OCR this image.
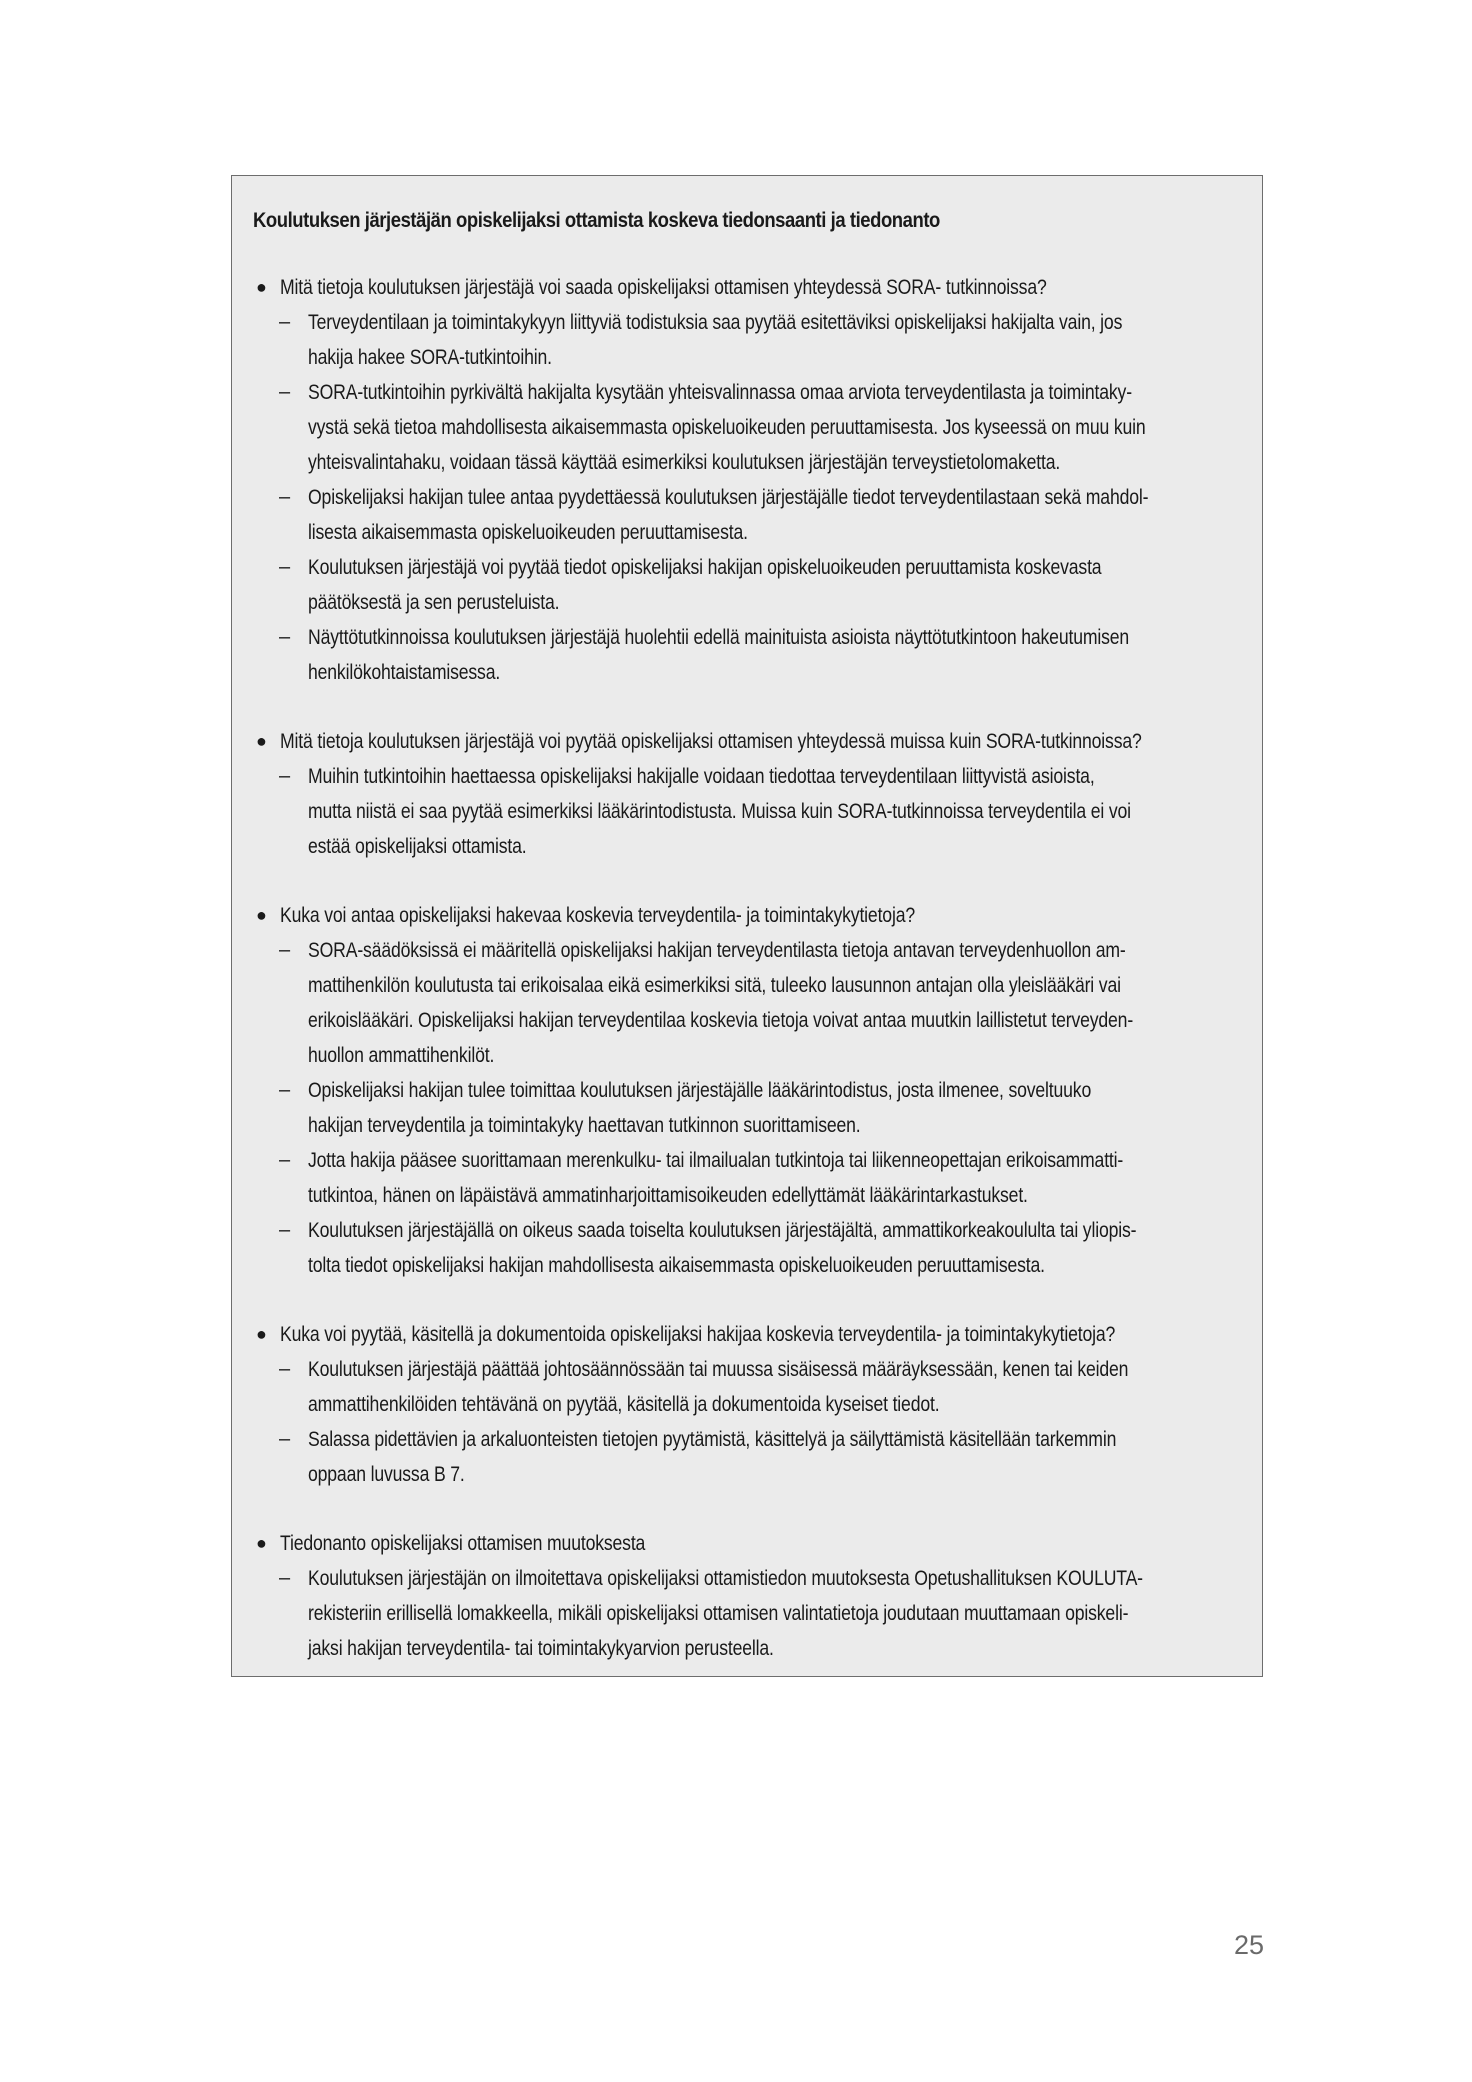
Koulutuksen järjestäjän opiskelijaksi ottamista koskeva tiedonsaanti ja tiedonanto
● Mitä tietoja koulutuksen järjestäjä voi saada opiskelijaksi ottamisen yhteydessä SORA- tutkinnoissa?
– Terveydentilaan ja toimintakykyyn liittyviä todistuksia saa pyytää esitettäviksi opiskelijaksi hakijalta vain, jos
hakija hakee SORA-tutkintoihin.
– SORA-tutkintoihin pyrkivältä hakijalta kysytään yhteisvalinnassa omaa arviota terveydentilasta ja toimintaky-
vystä sekä tietoa mahdollisesta aikaisemmasta opiskeluoikeuden peruuttamisesta. Jos kyseessä on muu kuin
yhteisvalintahaku, voidaan tässä käyttää esimerkiksi koulutuksen järjestäjän terveystietolomaketta.
– Opiskelijaksi hakijan tulee antaa pyydettäessä koulutuksen järjestäjälle tiedot terveydentilastaan sekä mahdol-
lisesta aikaisemmasta opiskeluoikeuden peruuttamisesta.
– Koulutuksen järjestäjä voi pyytää tiedot opiskelijaksi hakijan opiskeluoikeuden peruuttamista koskevasta
päätöksestä ja sen perusteluista.
– Näyttötutkinnoissa koulutuksen järjestäjä huolehtii edellä mainituista asioista näyttötutkintoon hakeutumisen
henkilökohtaistamisessa.
● Mitä tietoja koulutuksen järjestäjä voi pyytää opiskelijaksi ottamisen yhteydessä muissa kuin SORA-tutkinnoissa?
– Muihin tutkintoihin haettaessa opiskelijaksi hakijalle voidaan tiedottaa terveydentilaan liittyvistä asioista,
mutta niistä ei saa pyytää esimerkiksi lääkärintodistusta. Muissa kuin SORA-tutkinnoissa terveydentila ei voi
estää opiskelijaksi ottamista.
● Kuka voi antaa opiskelijaksi hakevaa koskevia terveydentila- ja toimintakykytietoja?
– SORA-säädöksissä ei määritellä opiskelijaksi hakijan terveydentilasta tietoja antavan terveydenhuollon am-
mattihenkilön koulutusta tai erikoisalaa eikä esimerkiksi sitä, tuleeko lausunnon antajan olla yleislääkäri vai
erikoislääkäri. Opiskelijaksi hakijan terveydentilaa koskevia tietoja voivat antaa muutkin laillistetut terveyden-
huollon ammattihenkilöt.
– Opiskelijaksi hakijan tulee toimittaa koulutuksen järjestäjälle lääkärintodistus, josta ilmenee, soveltuuko
hakijan terveydentila ja toimintakyky haettavan tutkinnon suorittamiseen.
– Jotta hakija pääsee suorittamaan merenkulku- tai ilmailualan tutkintoja tai liikenneopettajan erikoisammatti-
tutkintoa, hänen on läpäistävä ammatinharjoittamisoikeuden edellyttämät lääkärintarkastukset.
– Koulutuksen järjestäjällä on oikeus saada toiselta koulutuksen järjestäjältä, ammattikorkeakoululta tai yliopis-
tolta tiedot opiskelijaksi hakijan mahdollisesta aikaisemmasta opiskeluoikeuden peruuttamisesta.
● Kuka voi pyytää, käsitellä ja dokumentoida opiskelijaksi hakijaa koskevia terveydentila- ja toimintakykytietoja?
– Koulutuksen järjestäjä päättää johtosäännössään tai muussa sisäisessä määräyksessään, kenen tai keiden
ammattihenkilöiden tehtävänä on pyytää, käsitellä ja dokumentoida kyseiset tiedot.
– Salassa pidettävien ja arkaluonteisten tietojen pyytämistä, käsittelyä ja säilyttämistä käsitellään tarkemmin
oppaan luvussa B 7.
● Tiedonanto opiskelijaksi ottamisen muutoksesta
– Koulutuksen järjestäjän on ilmoitettava opiskelijaksi ottamistiedon muutoksesta Opetushallituksen KOULUTA-
rekisteriin erillisellä lomakkeella, mikäli opiskelijaksi ottamisen valintatietoja joudutaan muuttamaan opiskeli-
jaksi hakijan terveydentila- tai toimintakykyarvion perusteella.
25
